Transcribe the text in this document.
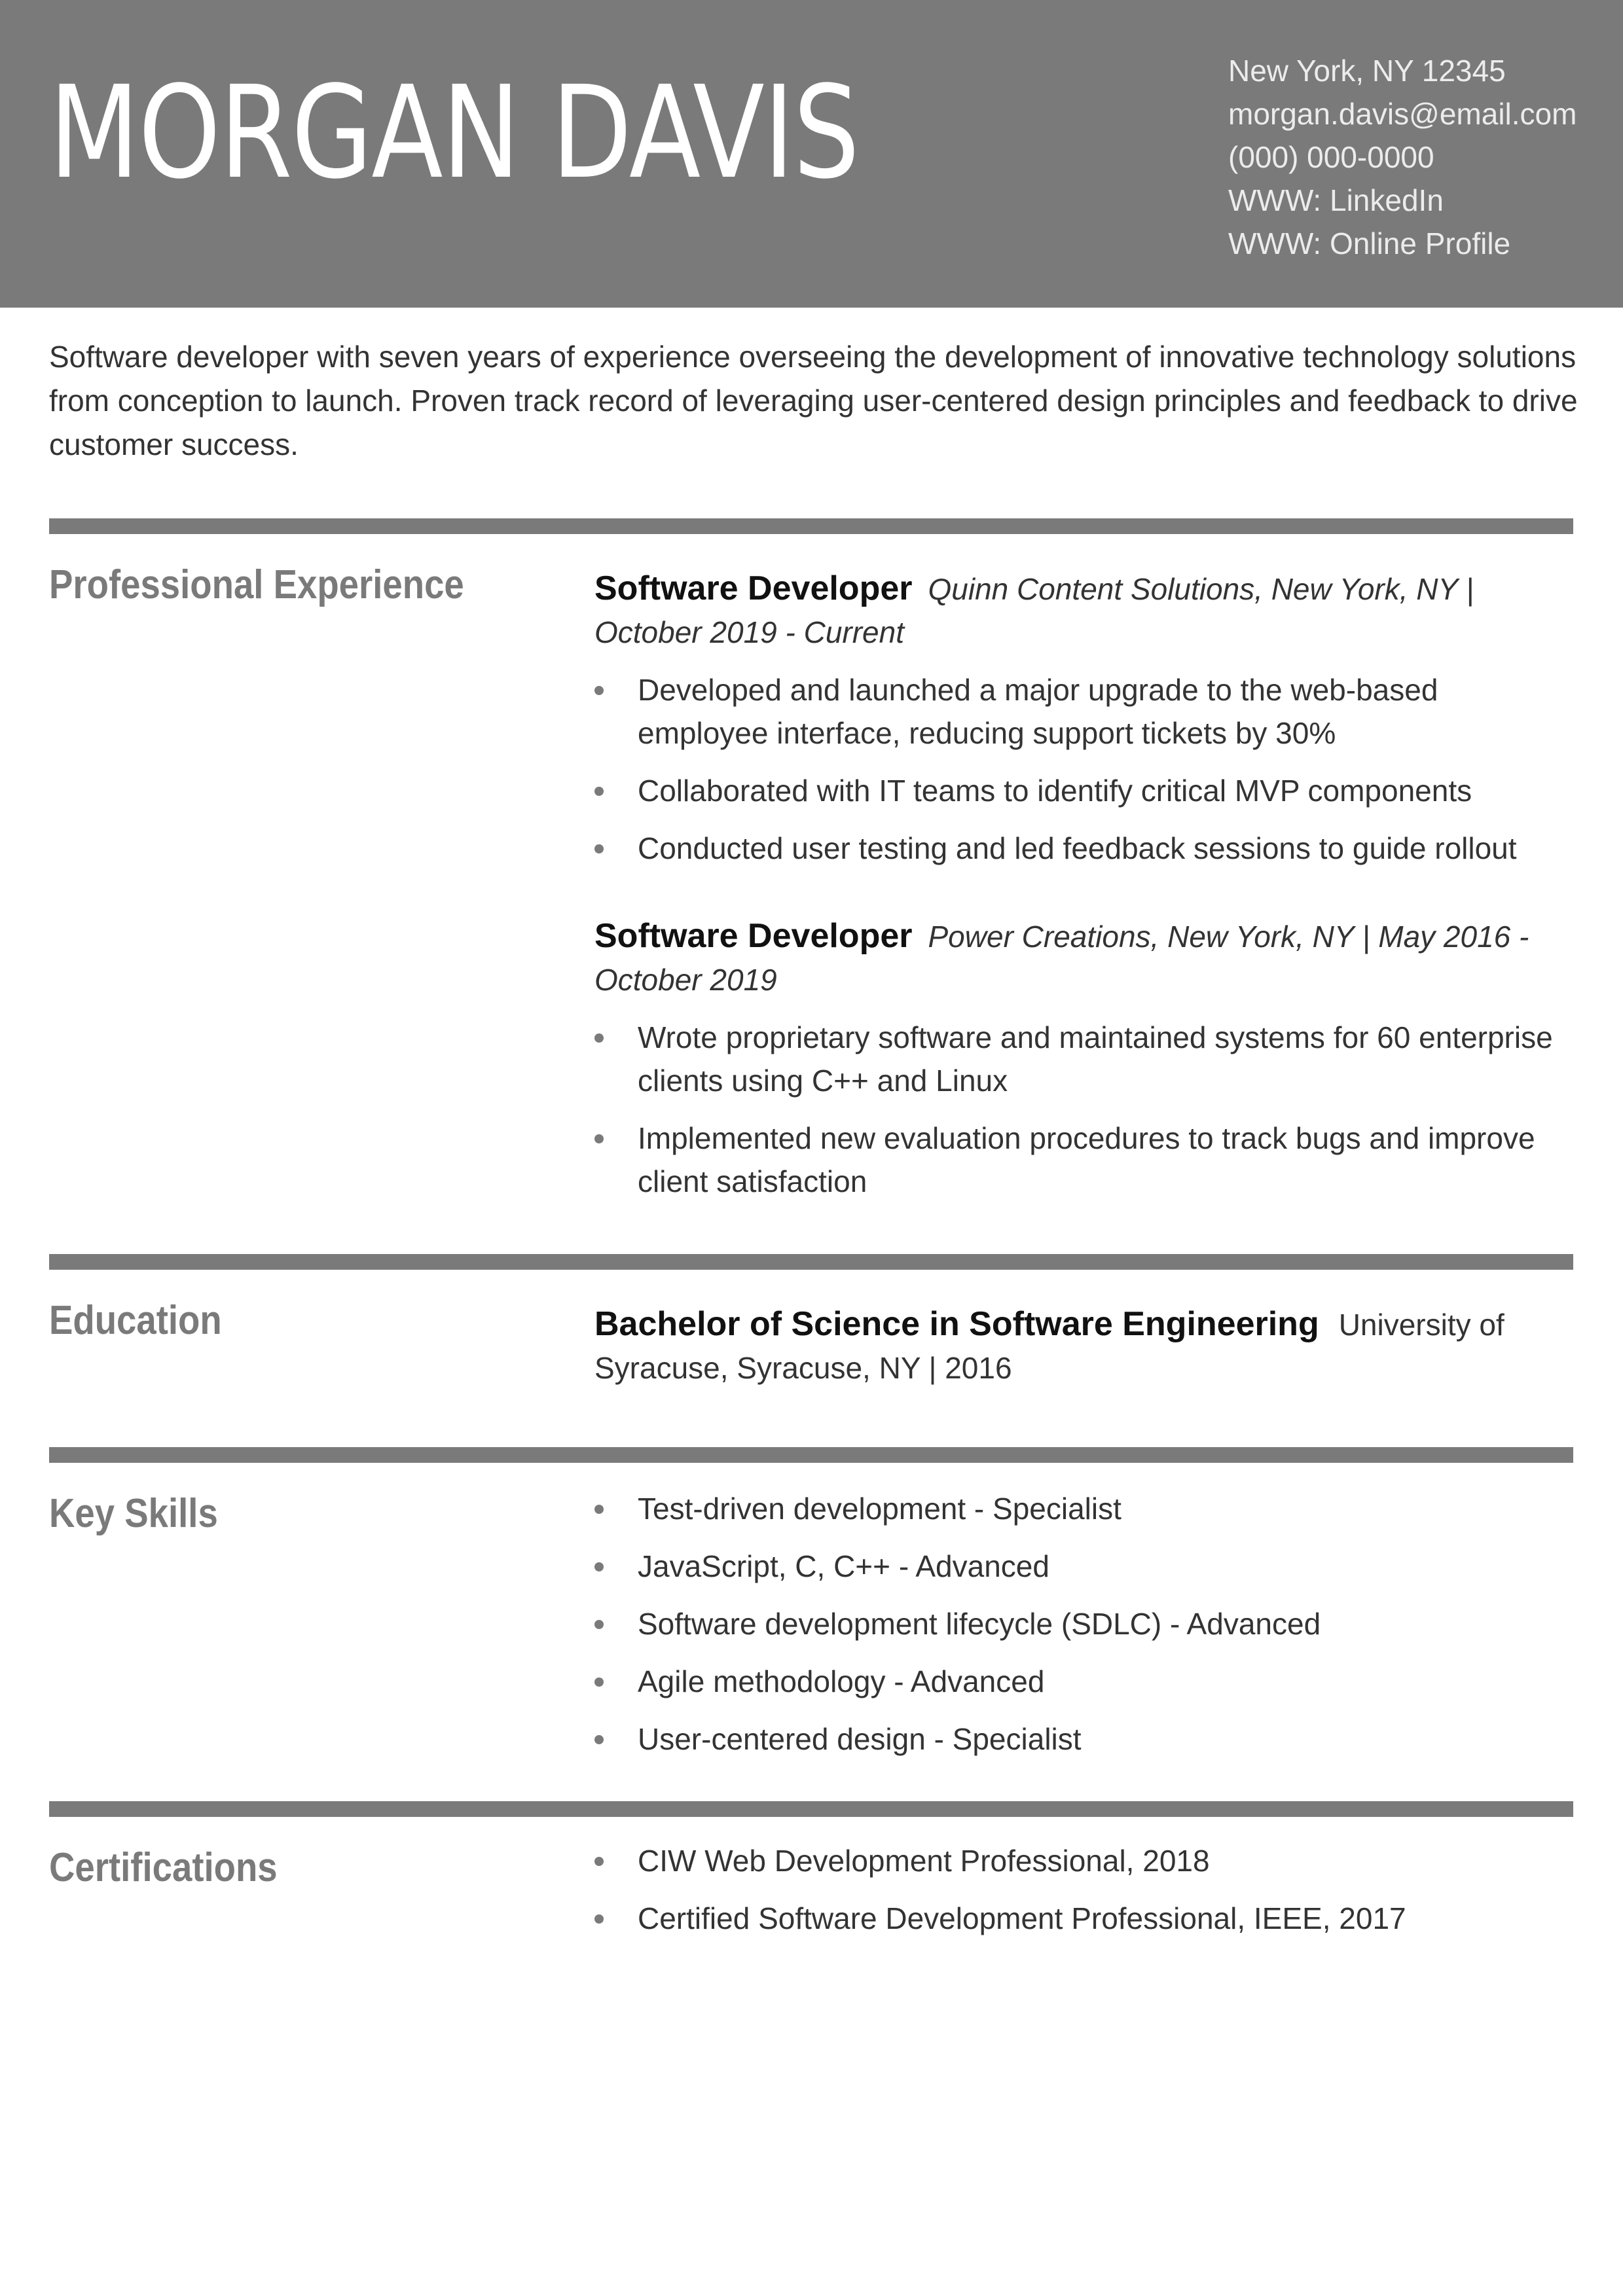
MORGAN DAVIS	New York, NY 12345
morgan.davis@email.com
(000) 000-0000
WWW: LinkedIn
WWW: Online Profile
Software developer with seven years of experience overseeing the development of innovative technology solutions from conception to launch. Proven track record of leveraging user-centered design principles and feedback to drive customer success.
Professional Experience	Software Developer Quinn Content Solutions, New York, NY | October 2019 - Current
Developed and launched a major upgrade to the web-based employee interface, reducing support tickets by 30%
Collaborated with IT teams to identify critical MVP components
Conducted user testing and led feedback sessions to guide rollout
Software Developer Power Creations, New York, NY | May 2016 - October 2019
Wrote proprietary software and maintained systems for 60 enterprise clients using C++ and Linux
Implemented new evaluation procedures to track bugs and improve client satisfaction
Education	Bachelor of Science in Software Engineering University of Syracuse, Syracuse, NY | 2016
Key Skills	Test-driven development - Specialist
JavaScript, C, C++ - Advanced
Software development lifecycle (SDLC) - Advanced
Agile methodology - Advanced
User-centered design - Specialist
Certifications	CIW Web Development Professional, 2018
Certified Software Development Professional, IEEE, 2017
